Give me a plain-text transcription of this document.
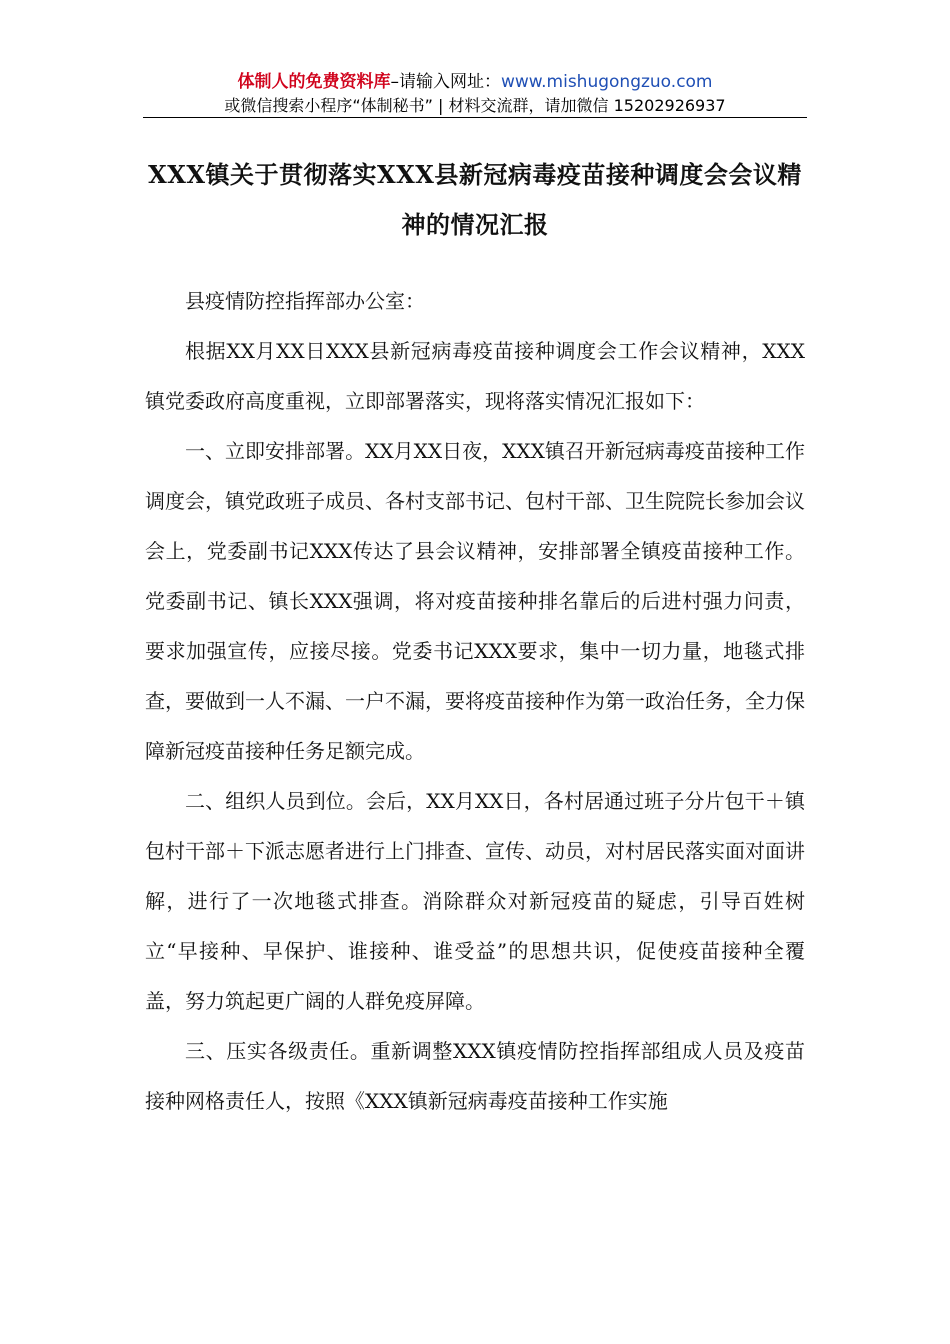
体制人的免费资料库–请输入网址：www.mishugongzuo.com
或微信搜索小程序“体制秘书” | 材料交流群，请加微信 15202926937
XXX镇关于贯彻落实XXX县新冠病毒疫苗接种调度会会议精
神的情况汇报

县疫情防控指挥部办公室：

根据XX月XX日XXX县新冠病毒疫苗接种调度会工作会议精神，XXX镇党委政府高度重视，立即部署落实，现将落实情况汇报如下：

一、立即安排部署。XX月XX日夜，XXX镇召开新冠病毒疫苗接种工作调度会，镇党政班子成员、各村支部书记、包村干部、卫生院院长参加会议会上，党委副书记XXX传达了县会议精神，安排部署全镇疫苗接种工作。党委副书记、镇长XXX强调，将对疫苗接种排名靠后的后进村强力问责，要求加强宣传，应接尽接。党委书记XXX要求，集中一切力量，地毯式排查，要做到一人不漏、一户不漏，要将疫苗接种作为第一政治任务，全力保障新冠疫苗接种任务足额完成。

二、组织人员到位。会后，XX月XX日，各村居通过班子分片包干＋镇包村干部＋下派志愿者进行上门排查、宣传、动员，对村居民落实面对面讲解，进行了一次地毯式排查。消除群众对新冠疫苗的疑虑，引导百姓树立“早接种、早保护、谁接种、谁受益”的思想共识，促使疫苗接种全覆盖，努力筑起更广阔的人群免疫屏障。

三、压实各级责任。重新调整XXX镇疫情防控指挥部组成人员及疫苗接种网格责任人，按照《XXX镇新冠病毒疫苗接种工作实施
